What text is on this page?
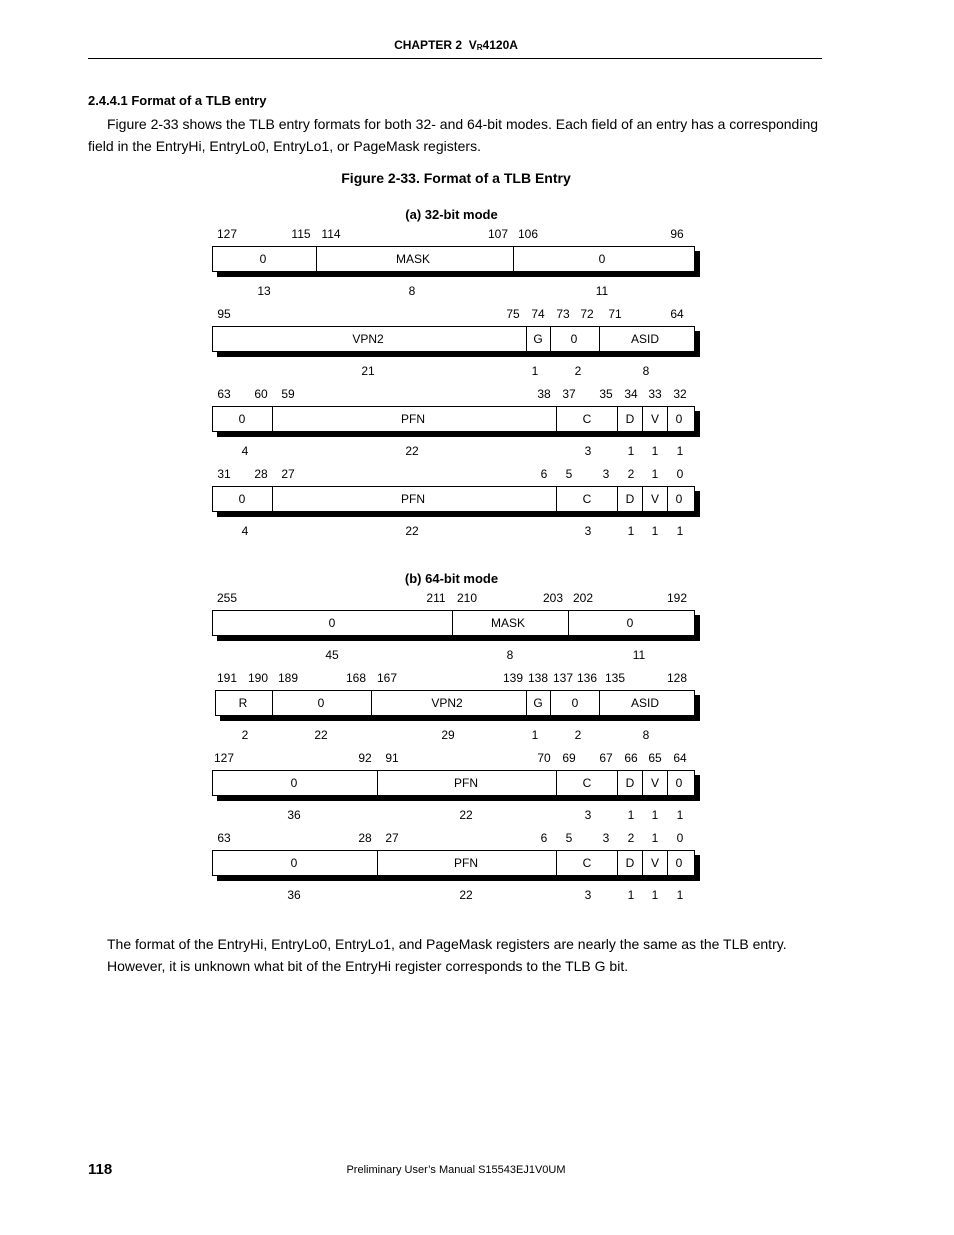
CHAPTER 2 $V_R4120A$
2.4.4.1 Format of a TLB entry
Figure 2-33 shows the TLB entry formats for both 32- and 64-bit modes. Each field of an entry has a corresponding
field in the EntryHi, EntryLo0, EntryLo1, or PageMask registers.
Figure 2-33. Format of a TLB Entry
(a) 32-bit mode
(b) 64-bit mode
127	115 114	107 106	96
0	MASK	0
13	8	11
95	75 74 73 72 71	64
VPN2	G 0	ASID
21	1	2	8
63 60 59	38 37 35 34 33 32
0	PFN	C	D V 0
4	22	3	1 1 1
31 28 27	6 5	3 2 1 0
0	PFN	C	D V 0
4	22	3	1 1 1
255	211 210	203 202	192
0	MASK	0
45	8	11
191 190 189	168 167	139 138 137 136 135	128
R	0	VPN2	G 0	ASID
2	22	29	1	2	8
127	92 91	70 69 67 66 65 64
0	PFN	C	D V 0
36	22	3	1 1 1
63	28 27	6 5	3 2 1 0
0	PFN	C	D V 0
36	22	3	1 1 1
The format of the EntryHi, EntryLo0, EntryLo1, and PageMask registers are nearly the same as the TLB entry.
However, it is unknown what bit of the EntryHi register corresponds to the TLB G bit.
118	Preliminary User’s Manual S15543EJ1V0UM
